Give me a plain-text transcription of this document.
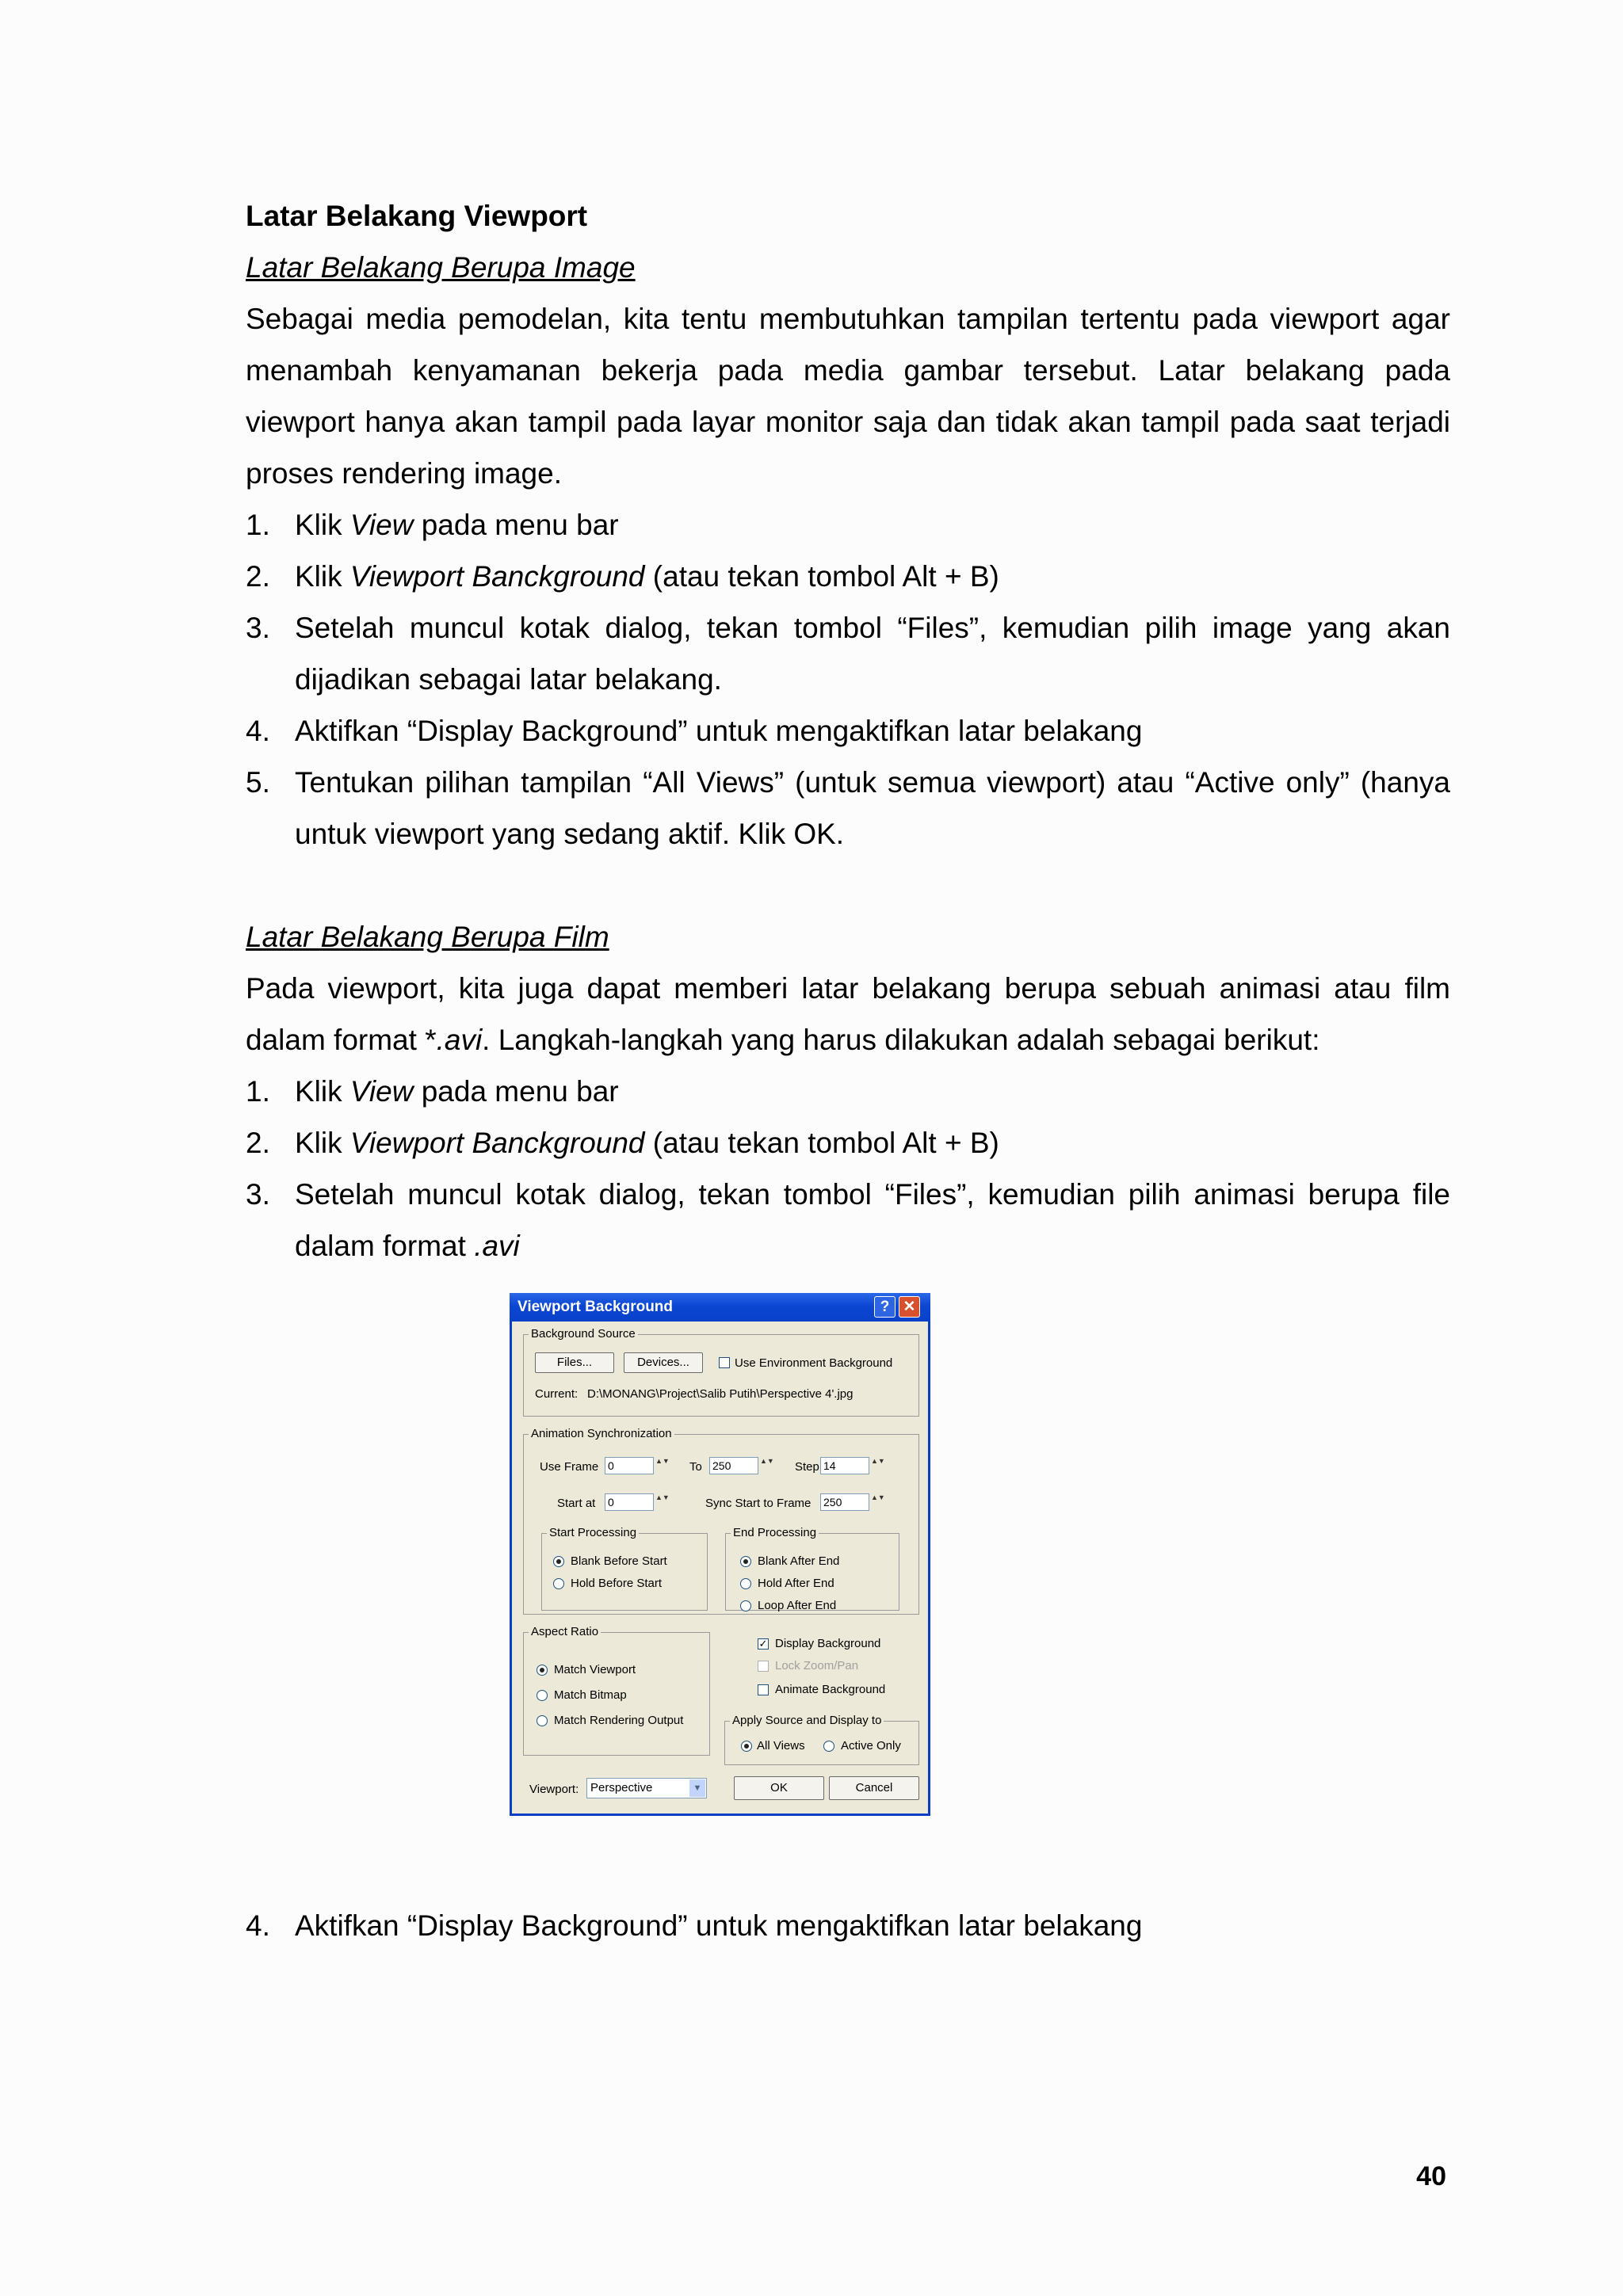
Latar Belakang Viewport
Latar Belakang Berupa Image
Sebagai media pemodelan, kita tentu membutuhkan tampilan tertentu pada viewport agar menambah kenyamanan bekerja pada media gambar tersebut. Latar belakang pada viewport hanya akan tampil pada layar monitor saja dan tidak akan tampil pada saat terjadi proses rendering image.
1. Klik View pada menu bar
2. Klik Viewport Banckground (atau tekan tombol Alt + B)
3. Setelah muncul kotak dialog, tekan tombol “Files”, kemudian pilih image yang akan dijadikan sebagai latar belakang.
4. Aktifkan “Display Background” untuk mengaktifkan latar belakang
5. Tentukan pilihan tampilan “All Views” (untuk semua viewport) atau “Active only” (hanya untuk viewport yang sedang aktif. Klik OK.
Latar Belakang Berupa Film
Pada viewport, kita juga dapat memberi latar belakang berupa sebuah animasi atau film dalam format *.avi. Langkah-langkah yang harus dilakukan adalah sebagai berikut:
1. Klik View pada menu bar
2. Klik Viewport Banckground (atau tekan tombol Alt + B)
3. Setelah muncul kotak dialog, tekan tombol “Files”, kemudian pilih animasi berupa file dalam format .avi
Viewport Background	? ✕
Background Source
Files...	Devices...	Use Environment Background
Current: D:\MONANG\Project\Salib Putih\Perspective 4'.jpg
Animation Synchronization
Use Frame 0	▲▼ To 250	▲▼ Step 14	▲▼
Start at 0	▲▼	Sync Start to Frame 250	▲▼
Start Processing
Blank Before Start
Hold Before Start
End Processing
Blank After End
Hold After End
Loop After End
Aspect Ratio
Match Viewport
Match Bitmap
Match Rendering Output
✓ Display Background
Lock Zoom/Pan
Animate Background
Apply Source and Display to
All Views	Active Only
Viewport: Perspective	▼	OK	Cancel
4. Aktifkan “Display Background” untuk mengaktifkan latar belakang
40
